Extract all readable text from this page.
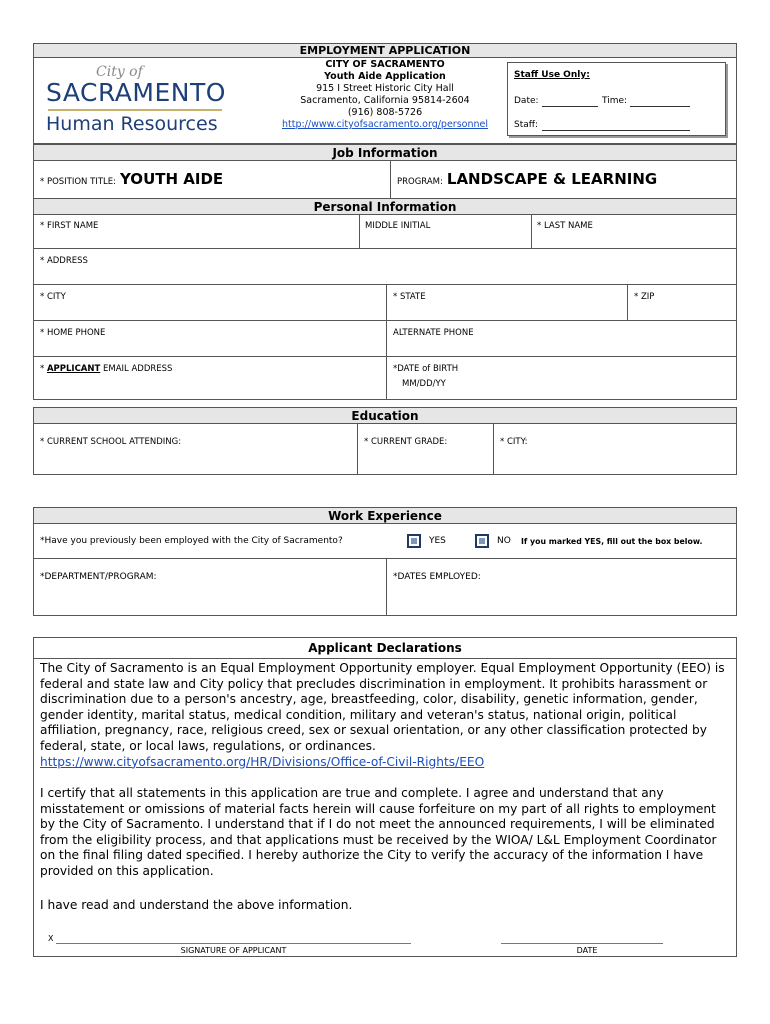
EMPLOYMENT APPLICATION
City of
SACRAMENTO
Human Resources
CITY OF SACRAMENTO
Youth Aide Application
915 I Street Historic City Hall
Sacramento, California 95814-2604
(916) 808-5726
http://www.cityofsacramento.org/personnel
Staff Use Only:
Date:	Time:
Staff:
Job Information
* POSITION TITLE: YOUTH AIDE	PROGRAM: LANDSCAPE & LEARNING
Personal Information
* FIRST NAME	MIDDLE INITIAL	* LAST NAME
* ADDRESS
* CITY	* STATE	* ZIP
* HOME PHONE	ALTERNATE PHONE
* APPLICANT EMAIL ADDRESS	*DATE of BIRTH
MM/DD/YY
Education
* CURRENT SCHOOL ATTENDING:	* CURRENT GRADE:	* CITY:
Work Experience
*Have you previously been employed with the City of Sacramento?	YES	NO If you marked YES, fill out the box below.
*DEPARTMENT/PROGRAM:	*DATES EMPLOYED:
Applicant Declarations
The City of Sacramento is an Equal Employment Opportunity employer. Equal Employment Opportunity (EEO) is federal and state law and City policy that precludes discrimination in employment. It prohibits harassment or discrimination due to a person's ancestry, age, breastfeeding, color, disability, genetic information, gender, gender identity, marital status, medical condition, military and veteran's status, national origin, political affiliation, pregnancy, race, religious creed, sex or sexual orientation, or any other classification protected by federal, state, or local laws, regulations, or ordinances.
https://www.cityofsacramento.org/HR/Divisions/Office-of-Civil-Rights/EEO
I certify that all statements in this application are true and complete. I agree and understand that any misstatement or omissions of material facts herein will cause forfeiture on my part of all rights to employment by the City of Sacramento. I understand that if I do not meet the announced requirements, I will be eliminated from the eligibility process, and that applications must be received by the WIOA/ L&L Employment Coordinator on the final filing dated specified. I hereby authorize the City to verify the accuracy of the information I have provided on this application.
I have read and understand the above information.
X
SIGNATURE OF APPLICANT	DATE
